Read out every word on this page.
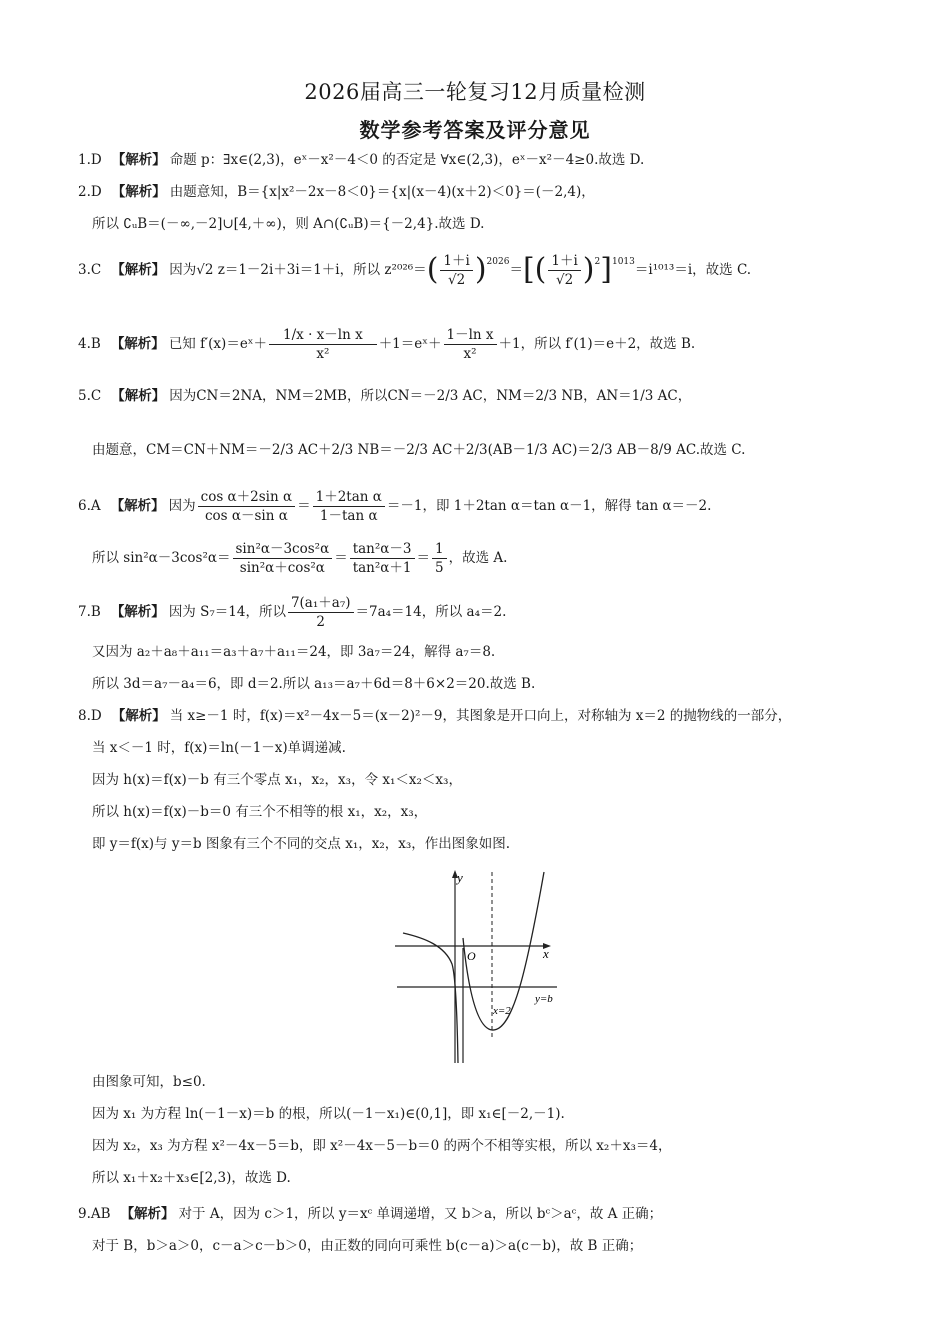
2026届高三一轮复习12月质量检测
数学参考答案及评分意见
1.D 【解析】 命题 p：∃x∈(2,3)，eˣ－x²－4＜0 的否定是 ∀x∈(2,3)，eˣ－x²－4≥0.故选 D.
2.D 【解析】 由题意知，B＝{x|x²－2x－8＜0}＝{x|(x－4)(x＋2)＜0}＝(－2,4)，
所以 ∁ᵤB＝(－∞,－2]∪[4,＋∞)，则 A∩(∁ᵤB)＝{－2,4}.故选 D.
3.C 【解析】 因为√2 z＝1－2i＋3i＝1＋i，所以 z²⁰²⁶＝ ( 1＋i
√2 )$^{2026}$ ＝ [( 1＋i
√2 )$^2$ ]$^{1013}$ ＝i¹⁰¹³＝i，故选 C.
4.B 【解析】 已知 f′(x)＝eˣ＋
1/x · x－ln x
x²
＋1＝eˣ＋
1－ln x
x²
＋1，所以 f′(1)＝e＋2，故选 B.
5.C 【解析】 因为CN＝2NA，NM＝2MB，所以CN＝－2/3 AC，NM＝2/3 NB，AN＝1/3 AC，
由题意，CM＝CN＋NM＝－2/3 AC＋2/3 NB＝－2/3 AC＋2/3(AB－1/3 AC)＝2/3 AB－8/9 AC.故选 C.
6.A 【解析】 因为
cos α＋2sin α
cos α－sin α
＝
1＋2tan α
1－tan α
＝－1，即 1＋2tan α＝tan α－1，解得 tan α＝－2.
所以 sin²α－3cos²α＝
sin²α－3cos²α
sin²α＋cos²α
＝
tan²α－3
tan²α＋1
＝
1
5
，故选 A.
7.B 【解析】 因为 S₇＝14，所以
7(a₁＋a₇)
2
＝7a₄＝14，所以 a₄＝2.
又因为 a₂＋a₈＋a₁₁＝a₃＋a₇＋a₁₁＝24，即 3a₇＝24，解得 a₇＝8.
所以 3d＝a₇－a₄＝6，即 d＝2.所以 a₁₃＝a₇＋6d＝8＋6×2＝20.故选 B.
8.D 【解析】 当 x≥－1 时，f(x)＝x²－4x－5＝(x－2)²－9，其图象是开口向上，对称轴为 x＝2 的抛物线的一部分，
当 x＜－1 时，f(x)＝ln(－1－x)单调递减.
因为 h(x)＝f(x)－b 有三个零点 x₁，x₂，x₃，令 x₁＜x₂＜x₃，
所以 h(x)＝f(x)－b＝0 有三个不相等的根 x₁，x₂，x₃，
即 y＝f(x)与 y＝b 图象有三个不同的交点 x₁，x₂，x₃，作出图象如图.
y
x
O
y=b
x=2
由图象可知，b≤0.
因为 x₁ 为方程 ln(－1－x)＝b 的根，所以(－1－x₁)∈(0,1]，即 x₁∈[－2,－1).
因为 x₂，x₃ 为方程 x²－4x－5＝b，即 x²－4x－5－b＝0 的两个不相等实根，所以 x₂＋x₃＝4，
所以 x₁＋x₂＋x₃∈[2,3)，故选 D.
9.AB 【解析】 对于 A，因为 c＞1，所以 y＝xᶜ 单调递增，又 b＞a，所以 bᶜ＞aᶜ，故 A 正确；
对于 B，b＞a＞0，c－a＞c－b＞0，由正数的同向可乘性 b(c－a)＞a(c－b)，故 B 正确；
